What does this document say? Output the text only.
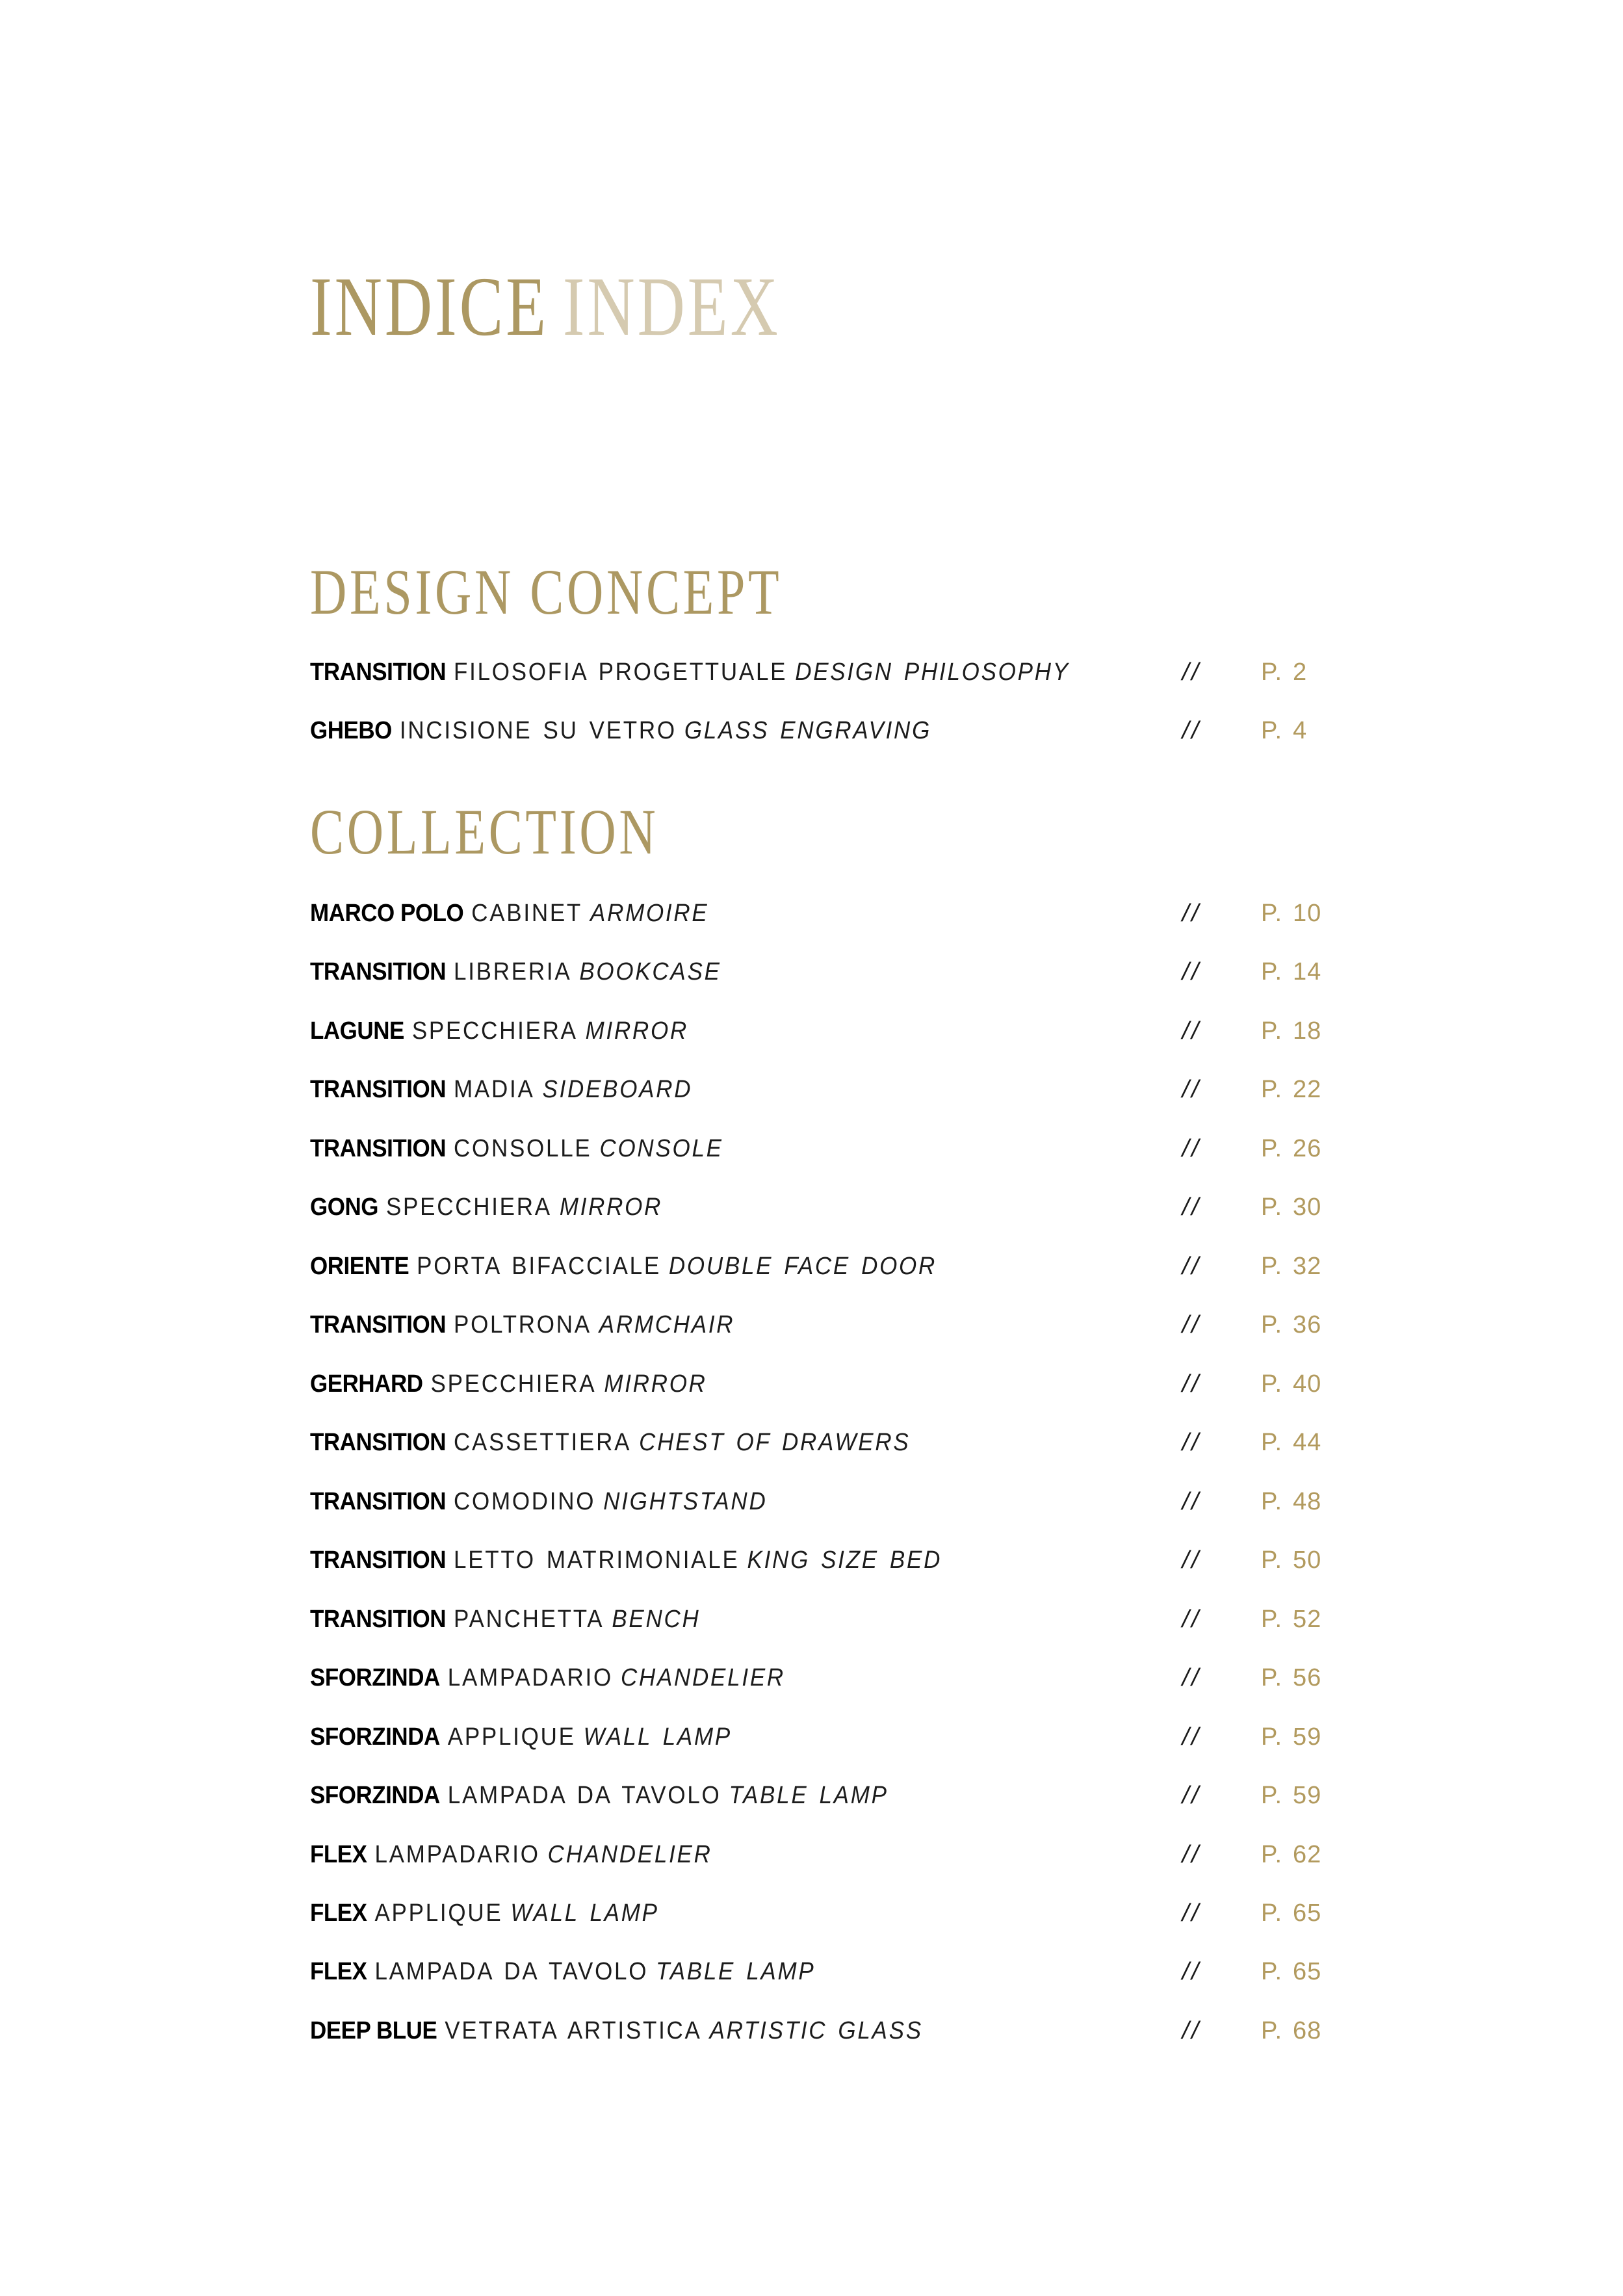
INDICE INDEX
DESIGN CONCEPT
TRANSITION FILOSOFIA PROGETTUALE DESIGN PHILOSOPHY	// P. 2
GHEBO INCISIONE SU VETRO GLASS ENGRAVING	// P. 4
COLLECTION
MARCO POLO CABINET ARMOIRE	// P. 10
TRANSITION LIBRERIA BOOKCASE	// P. 14
LAGUNE SPECCHIERA MIRROR	// P. 18
TRANSITION MADIA SIDEBOARD	// P. 22
TRANSITION CONSOLLE CONSOLE	// P. 26
GONG SPECCHIERA MIRROR	// P. 30
ORIENTE PORTA BIFACCIALE DOUBLE FACE DOOR	// P. 32
TRANSITION POLTRONA ARMCHAIR	// P. 36
GERHARD SPECCHIERA MIRROR	// P. 40
TRANSITION CASSETTIERA CHEST OF DRAWERS	// P. 44
TRANSITION COMODINO NIGHTSTAND	// P. 48
TRANSITION LETTO MATRIMONIALE KING SIZE BED	// P. 50
TRANSITION PANCHETTA BENCH	// P. 52
SFORZINDA LAMPADARIO CHANDELIER	// P. 56
SFORZINDA APPLIQUE WALL LAMP	// P. 59
SFORZINDA LAMPADA DA TAVOLO TABLE LAMP	// P. 59
FLEX LAMPADARIO CHANDELIER	// P. 62
FLEX APPLIQUE WALL LAMP	// P. 65
FLEX LAMPADA DA TAVOLO TABLE LAMP	// P. 65
DEEP BLUE VETRATA ARTISTICA ARTISTIC GLASS	// P. 68
